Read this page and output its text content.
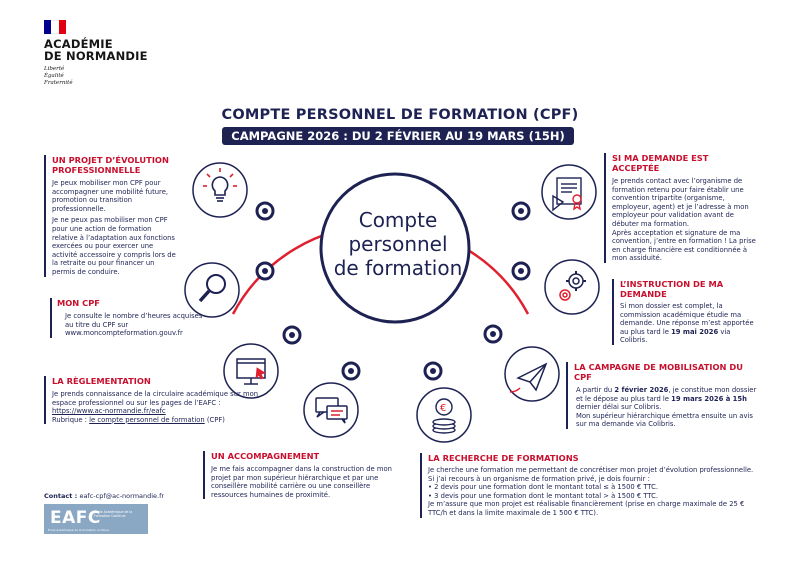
ACADÉMIE
DE NORMANDIE
Liberté
Égalité
Fraternité
COMPTE PERSONNEL DE FORMATION (CPF)
CAMPAGNE 2026 : DU 2 FÉVRIER AU 19 MARS (15H)
€
Compte
personnel
de formation
UN PROJET D’ÉVOLUTION PROFESSIONNELLE
Je peux mobiliser mon CPF pour accompagner une mobilité future, promotion ou transition professionnelle.
Je ne peux pas mobiliser mon CPF pour une action de formation relative à l’adaptation aux fonctions exercées ou pour exercer une activité accessoire y compris lors de la retraite ou pour financer un permis de conduire.
MON CPF
Je consulte le nombre d’heures acquises au titre du CPF sur www.moncompteformation.gouv.fr
LA RÈGLEMENTATION
Je prends connaissance de la circulaire académique sur mon espace professionnel ou sur les pages de l’EAFC : https://www.ac-normandie.fr/eafc
Rubrique : le compte personnel de formation (CPF)
UN ACCOMPAGNEMENT
Je me fais accompagner dans la construction de mon projet par mon supérieur hiérarchique et par une conseillère mobilité carrière ou une conseillère ressources humaines de proximité.
LA RECHERCHE DE FORMATIONS
Je cherche une formation me permettant de concrétiser mon projet d’évolution professionnelle. Si j’ai recours à un organisme de formation privé, je dois fournir :
• 2 devis pour une formation dont le montant total ≤ à 1500 € TTC.
• 3 devis pour une formation dont le montant total > à 1500 € TTC.
Je m’assure que mon projet est réalisable financièrement (prise en charge maximale de 25 € TTC/h et dans la limite maximale de 1 500 € TTC).
LA CAMPAGNE DE MOBILISATION DU CPF
A partir du 2 février 2026, je constitue mon dossier et le dépose au plus tard le 19 mars 2026 à 15h dernier délai sur Colibris.
Mon supérieur hiérarchique émettra ensuite un avis sur ma demande via Colibris.
L’INSTRUCTION DE MA DEMANDE
Si mon dossier est complet, la commission académique étudie ma demande. Une réponse m’est apportée au plus tard le 19 mai 2026 via Colibris.
SI MA DEMANDE EST ACCEPTÉE
Je prends contact avec l’organisme de formation retenu pour faire établir une convention tripartite (organisme, employeur, agent) et je l’adresse à mon employeur pour validation avant de débuter ma formation.
Après acceptation et signature de ma convention, j’entre en formation ! La prise en charge financière est conditionnée à mon assiduité.
Contact : eafc-cpf@ac-normandie.fr
EAFC
École Académique de la Formation Continue
École académique de la formation continue
